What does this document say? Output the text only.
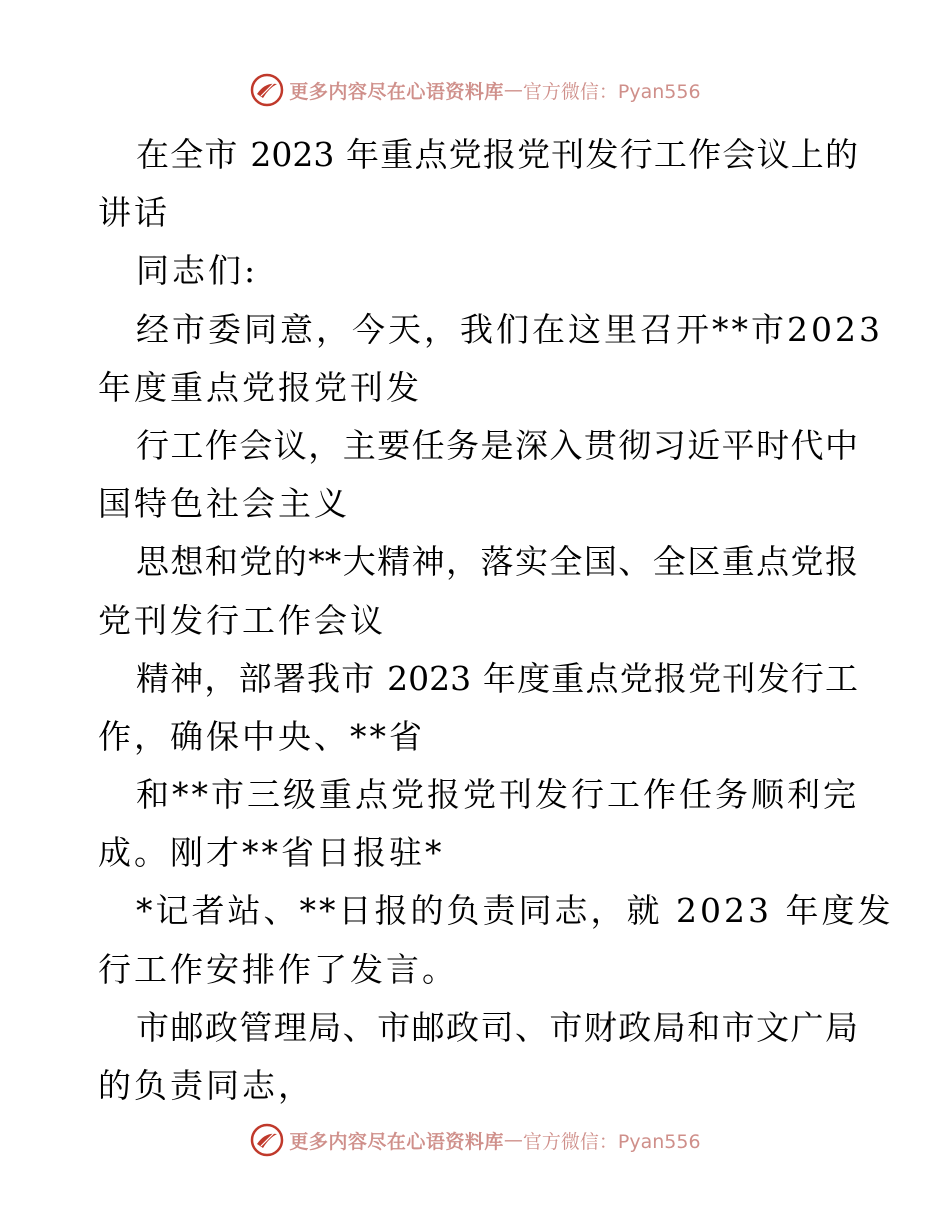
更多内容尽在心语资料库 — 官方微信：Pyan556
在全市 2023 年重点党报党刊发行工作会议上的
讲话
同志们:
经市委同意，今天，我们在这里召开**市2023
年度重点党报党刊发
行工作会议，主要任务是深入贯彻习近平时代中
国特色社会主义
思想和党的**大精神，落实全国、全区重点党报
党刊发行工作会议
精神，部署我市 2023 年度重点党报党刊发行工
作，确保中央、**省
和**市三级重点党报党刊发行工作任务顺利完
成。刚才**省日报驻*
*记者站、**日报的负责同志，就 2023 年度发
行工作安排作了发言。
市邮政管理局、市邮政司、市财政局和市文广局
的负责同志，
更多内容尽在心语资料库 — 官方微信：Pyan556
